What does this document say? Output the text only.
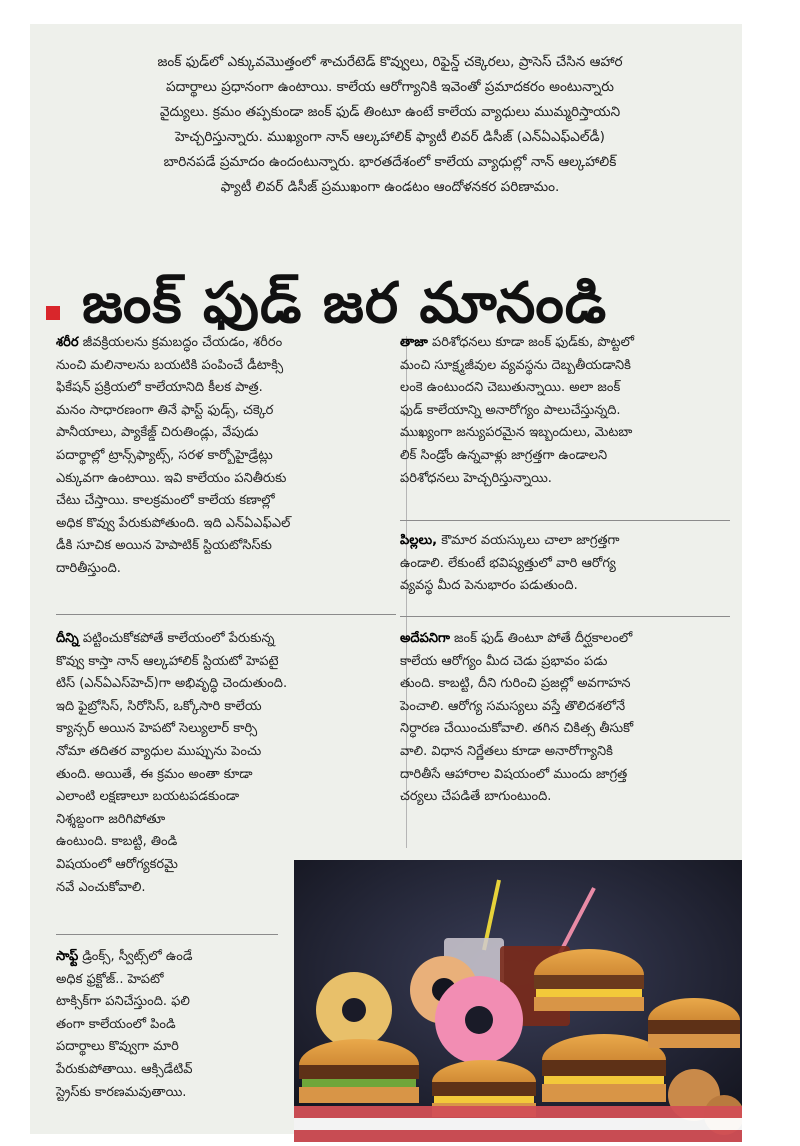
జంక్ ఫుడ్‌లో ఎక్కువమొత్తంలో శాచురేటెడ్ కొవ్వులు, రిఫైన్డ్ చక్కెరలు, ప్రాసెస్ చేసిన ఆహార
పదార్థాలు ప్రధానంగా ఉంటాయి. కాలేయ ఆరోగ్యానికి ఇవెంతో ప్రమాదకరం అంటున్నారు
వైద్యులు. క్రమం తప్పకుండా జంక్ ఫుడ్ తింటూ ఉంటే కాలేయ వ్యాధులు ముమ్మరిస్తాయని
హెచ్చరిస్తున్నారు. ముఖ్యంగా నాన్ ఆల్కహాలిక్ ఫ్యాటీ లివర్ డిసీజ్ (ఎన్ఏఎఫ్ఎల్‌డీ)
బారినపడే ప్రమాదం ఉందంటున్నారు. భారతదేశంలో కాలేయ వ్యాధుల్లో నాన్ ఆల్కహాలిక్
ఫ్యాటీ లివర్ డిసీజ్ ప్రముఖంగా ఉండటం ఆందోళనకర పరిణామం.
జంక్ ఫుడ్ జర మానండి
శరీర జీవక్రియలను క్రమబద్ధం చేయడం, శరీరం
నుంచి మలినాలను బయటికి పంపించే డీటాక్సి
ఫికేషన్ ప్రక్రియలో కాలేయానిది కీలక పాత్ర.
మనం సాధారణంగా తినే ఫాస్ట్ ఫుడ్స్, చక్కెర
పానీయాలు, ప్యాకేజ్డ్ చిరుతిండ్లు, వేపుడు
పదార్థాల్లో ట్రాన్స్‌ఫ్యాట్స్, సరళ కార్బోహైడ్రేట్లు
ఎక్కువగా ఉంటాయి. ఇవి కాలేయం పనితీరుకు
చేటు చేస్తాయి. కాలక్రమంలో కాలేయ కణాల్లో
అధిక కొవ్వు పేరుకుపోతుంది. ఇది ఎన్ఏఎఫ్ఎల్
డీకి సూచిక అయిన హెపాటిక్ స్టియటోసిస్‌కు
దారితీస్తుంది.
దీన్ని పట్టించుకోకపోతే కాలేయంలో పేరుకున్న
కొవ్వు కాస్తా నాన్ ఆల్కహాలిక్ స్టియటో హెపటై
టిస్ (ఎన్ఏఎస్‌హెచ్)గా అభివృద్ధి చెందుతుంది.
ఇది ఫైబ్రోసిస్, సిరోసిస్, ఒక్కోసారి కాలేయ
క్యాన్సర్ అయిన హెపటో సెల్యులార్ కార్సి
నోమా తదితర వ్యాధుల ముప్పును పెంచు
తుంది. అయితే, ఈ క్రమం అంతా కూడా
ఎలాంటి లక్షణాలూ బయటపడకుండా
నిశ్శబ్దంగా జరిగిపోతూ
ఉంటుంది. కాబట్టి, తిండి
విషయంలో ఆరోగ్యకరమై
నవే ఎంచుకోవాలి.
సాఫ్ట్ డ్రింక్స్, స్వీట్స్‌లో ఉండే
అధిక ఫ్రక్టోజ్.. హెపటో
టాక్సిక్‌గా పనిచేస్తుంది. ఫలి
తంగా కాలేయంలో పిండి
పదార్థాలు కొవ్వుగా మారి
పేరుకుపోతాయి. ఆక్సిడేటివ్
స్ట్రెస్‌కు కారణమవుతాయి.
తాజా పరిశోధనలు కూడా జంక్ ఫుడ్‌కు, పొట్టలో
మంచి సూక్ష్మజీవుల వ్యవస్థను దెబ్బతీయడానికి
లంకె ఉంటుందని చెబుతున్నాయి. అలా జంక్
ఫుడ్ కాలేయాన్ని అనారోగ్యం పాలుచేస్తున్నది.
ముఖ్యంగా జన్యుపరమైన ఇబ్బందులు, మెటబా
లిక్ సిండ్రోం ఉన్నవాళ్లు జాగ్రత్తగా ఉండాలని
పరిశోధనలు హెచ్చరిస్తున్నాయి.
పిల్లలు, కౌమార వయస్కులు చాలా జాగ్రత్తగా
ఉండాలి. లేకుంటే భవిష్యత్తులో వారి ఆరోగ్య
వ్యవస్థ మీద పెనుభారం పడుతుంది.
అదేపనిగా జంక్ ఫుడ్ తింటూ పోతే దీర్ఘకాలంలో
కాలేయ ఆరోగ్యం మీద చెడు ప్రభావం పడు
తుంది. కాబట్టి, దీని గురించి ప్రజల్లో అవగాహన
పెంచాలి. ఆరోగ్య సమస్యలు వస్తే తొలిదశలోనే
నిర్ధారణ చేయించుకోవాలి. తగిన చికిత్స తీసుకో
వాలి. విధాన నిర్ణేతలు కూడా అనారోగ్యానికి
దారితీసే ఆహారాల విషయంలో ముందు జాగ్రత్త
చర్యలు చేపడితే బాగుంటుంది.
